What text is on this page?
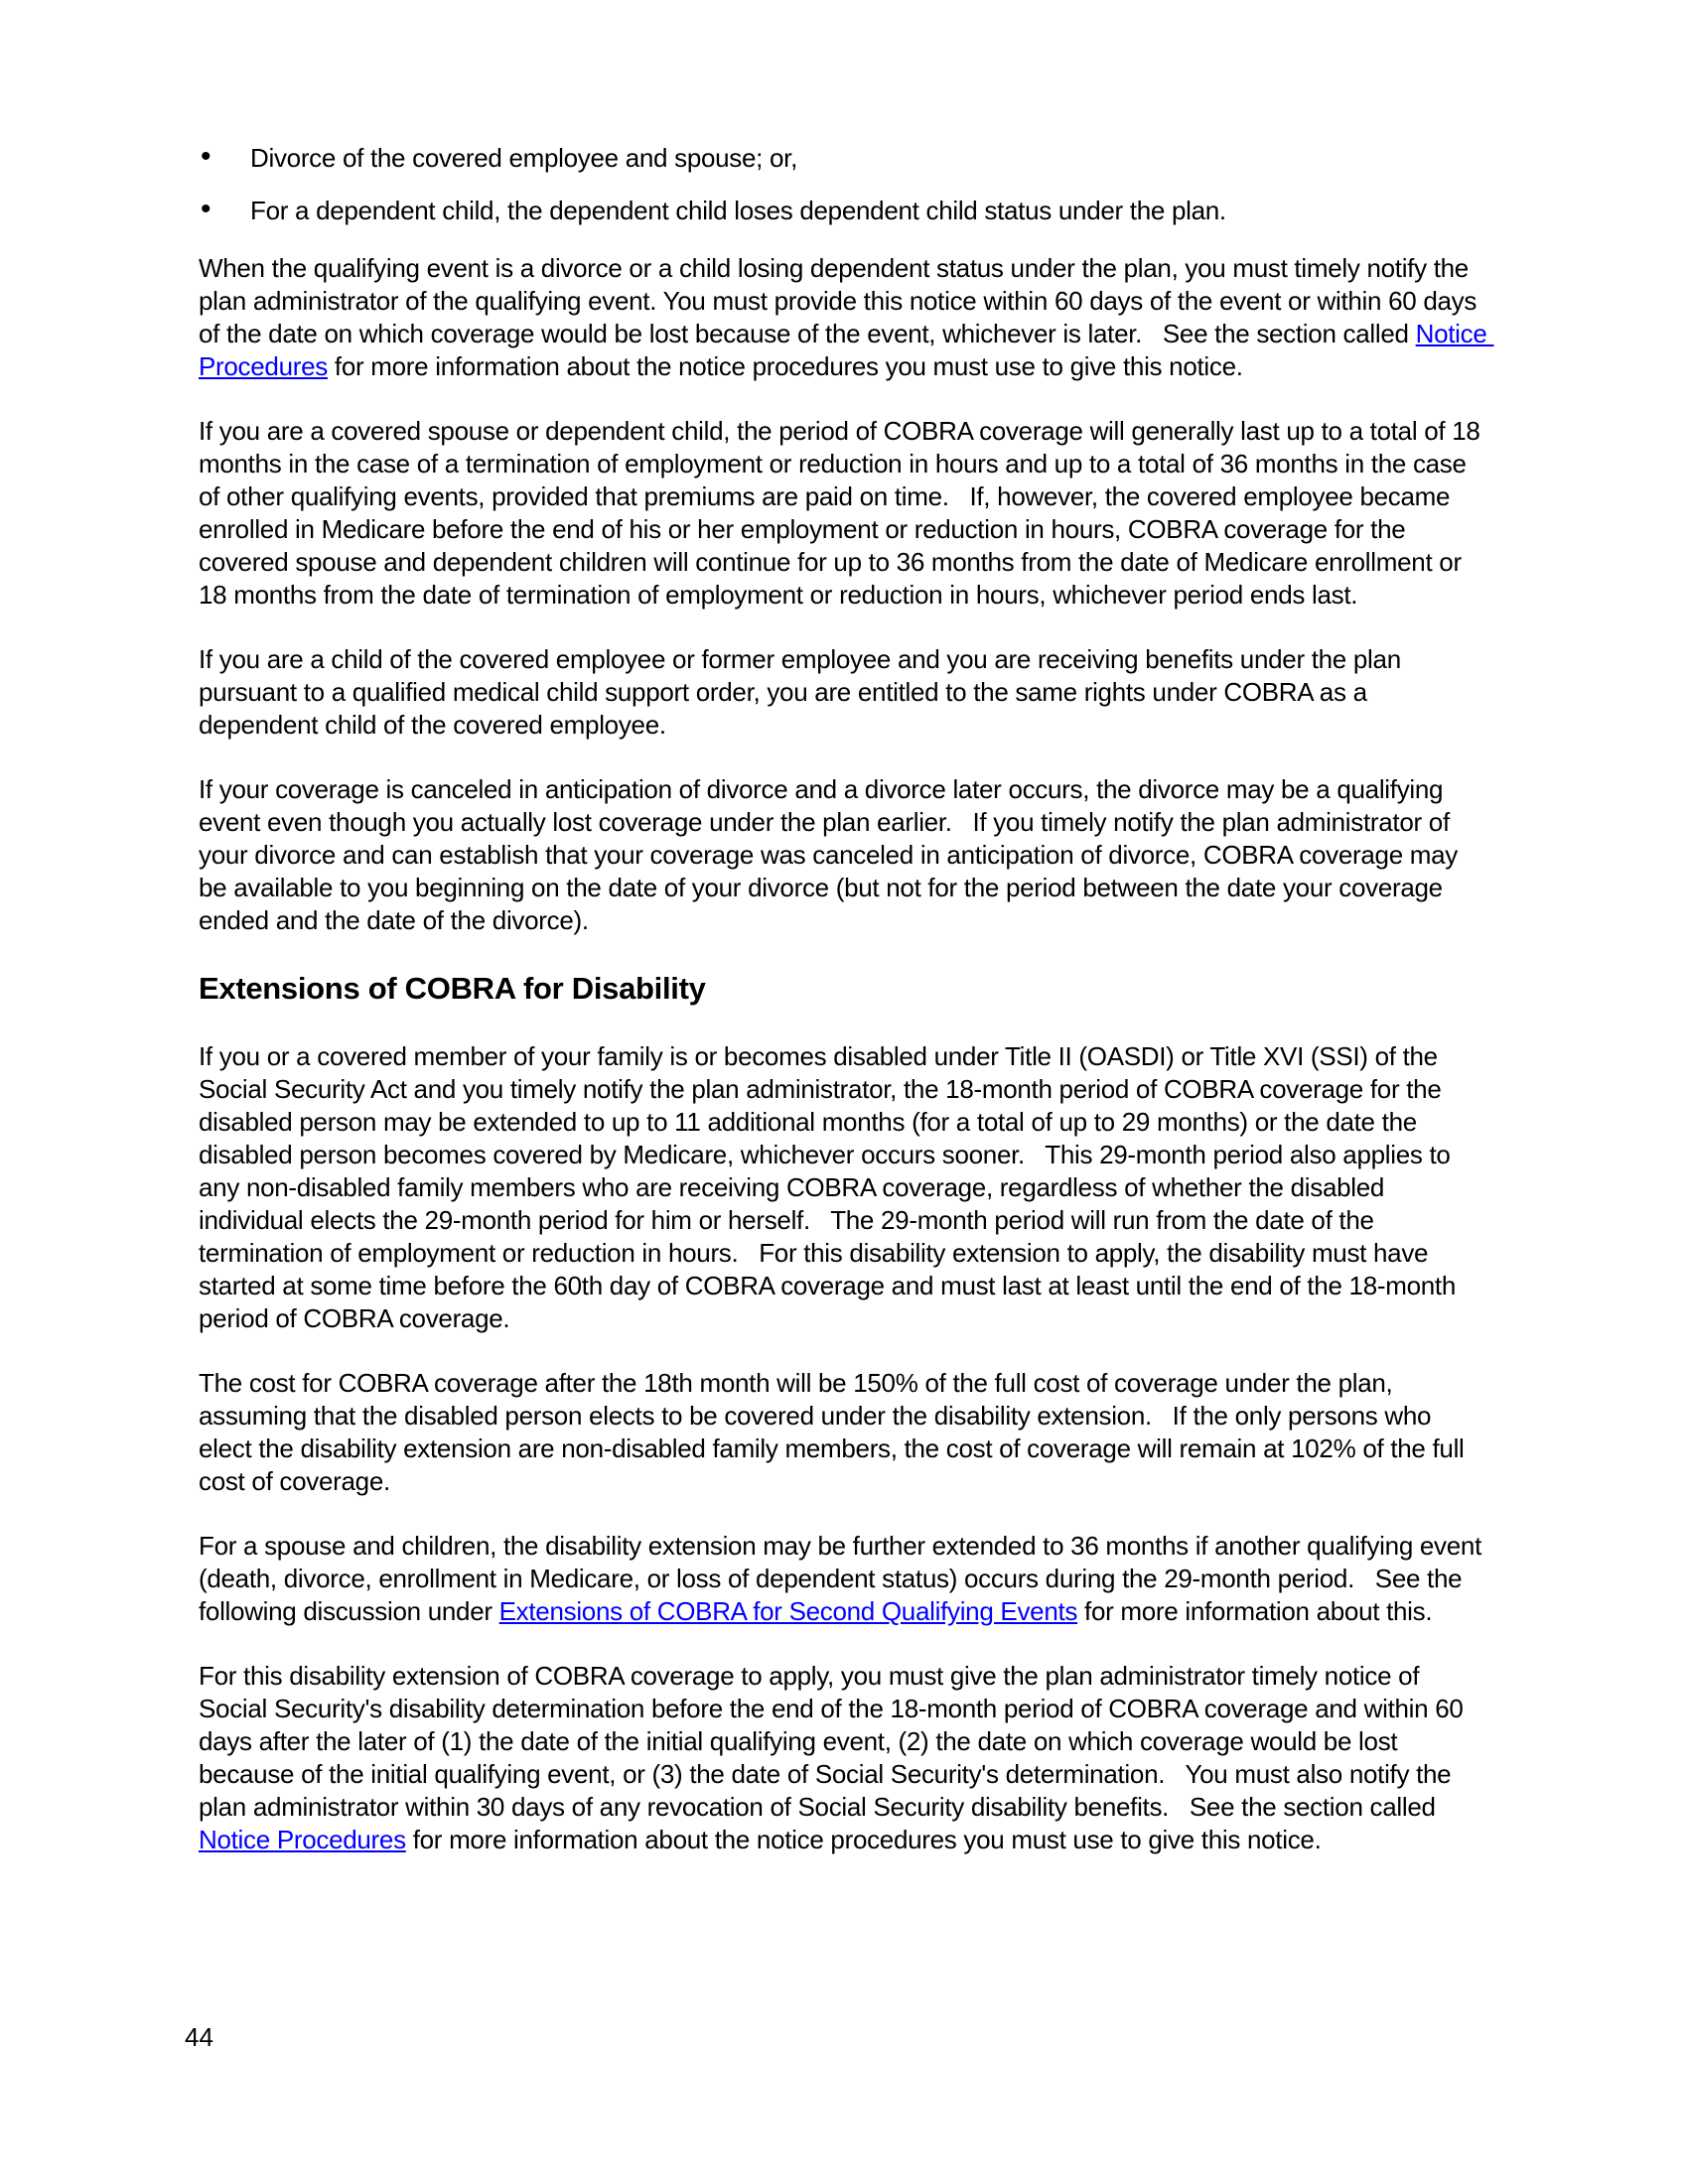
• Divorce of the covered employee and spouse; or,
• For a dependent child, the dependent child loses dependent child status under the plan.

When the qualifying event is a divorce or a child losing dependent status under the plan, you must timely notify the plan administrator of the qualifying event. You must provide this notice within 60 days of the event or within 60 days of the date on which coverage would be lost because of the event, whichever is later.   See the section called Notice Procedures for more information about the notice procedures you must use to give this notice.

If you are a covered spouse or dependent child, the period of COBRA coverage will generally last up to a total of 18 months in the case of a termination of employment or reduction in hours and up to a total of 36 months in the case of other qualifying events, provided that premiums are paid on time.   If, however, the covered employee became enrolled in Medicare before the end of his or her employment or reduction in hours, COBRA coverage for the covered spouse and dependent children will continue for up to 36 months from the date of Medicare enrollment or 18 months from the date of termination of employment or reduction in hours, whichever period ends last.

If you are a child of the covered employee or former employee and you are receiving benefits under the plan pursuant to a qualified medical child support order, you are entitled to the same rights under COBRA as a dependent child of the covered employee.

If your coverage is canceled in anticipation of divorce and a divorce later occurs, the divorce may be a qualifying event even though you actually lost coverage under the plan earlier.   If you timely notify the plan administrator of your divorce and can establish that your coverage was canceled in anticipation of divorce, COBRA coverage may be available to you beginning on the date of your divorce (but not for the period between the date your coverage ended and the date of the divorce).

Extensions of COBRA for Disability

If you or a covered member of your family is or becomes disabled under Title II (OASDI) or Title XVI (SSI) of the Social Security Act and you timely notify the plan administrator, the 18-month period of COBRA coverage for the disabled person may be extended to up to 11 additional months (for a total of up to 29 months) or the date the disabled person becomes covered by Medicare, whichever occurs sooner.   This 29-month period also applies to any non-disabled family members who are receiving COBRA coverage, regardless of whether the disabled individual elects the 29-month period for him or herself.   The 29-month period will run from the date of the termination of employment or reduction in hours.   For this disability extension to apply, the disability must have started at some time before the 60th day of COBRA coverage and must last at least until the end of the 18-month period of COBRA coverage.

The cost for COBRA coverage after the 18th month will be 150% of the full cost of coverage under the plan, assuming that the disabled person elects to be covered under the disability extension.   If the only persons who elect the disability extension are non-disabled family members, the cost of coverage will remain at 102% of the full cost of coverage.

For a spouse and children, the disability extension may be further extended to 36 months if another qualifying event (death, divorce, enrollment in Medicare, or loss of dependent status) occurs during the 29-month period.   See the following discussion under Extensions of COBRA for Second Qualifying Events for more information about this.

For this disability extension of COBRA coverage to apply, you must give the plan administrator timely notice of Social Security's disability determination before the end of the 18-month period of COBRA coverage and within 60 days after the later of (1) the date of the initial qualifying event, (2) the date on which coverage would be lost because of the initial qualifying event, or (3) the date of Social Security's determination.   You must also notify the plan administrator within 30 days of any revocation of Social Security disability benefits.   See the section called Notice Procedures for more information about the notice procedures you must use to give this notice.

44
